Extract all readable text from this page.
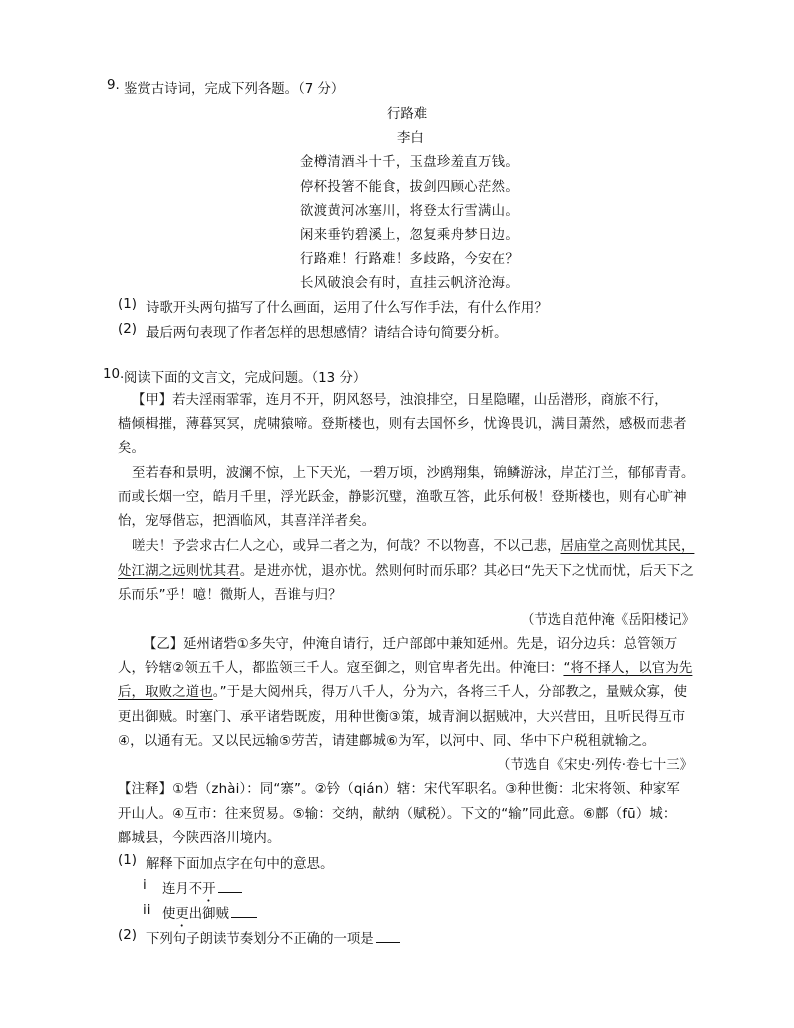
9. 鉴赏古诗词，完成下列各题。（7 分）
行路难
李白
金樽清酒斗十千，玉盘珍羞直万钱。
停杯投箸不能食，拔剑四顾心茫然。
欲渡黄河冰塞川，将登太行雪满山。
闲来垂钓碧溪上，忽复乘舟梦日边。
行路难！行路难！多歧路，今安在？
长风破浪会有时，直挂云帆济沧海。
(1) 诗歌开头两句描写了什么画面，运用了什么写作手法，有什么作用？
(2) 最后两句表现了作者怎样的思想感情？请结合诗句简要分析。
10. 阅读下面的文言文，完成问题。（13 分）
【甲】若夫淫雨霏霏，连月不开，阴风怒号，浊浪排空，日星隐曜，山岳潜形，商旅不行，
樯倾楫摧，薄暮冥冥，虎啸猿啼。登斯楼也，则有去国怀乡，忧谗畏讥，满目萧然，感极而悲者
矣。
至若春和景明，波澜不惊，上下天光，一碧万顷，沙鸥翔集，锦鳞游泳，岸芷汀兰，郁郁青青。
而或长烟一空，皓月千里，浮光跃金，静影沉璧，渔歌互答，此乐何极！登斯楼也，则有心旷神
怡，宠辱偕忘，把酒临风，其喜洋洋者矣。
嗟夫！予尝求古仁人之心，或异二者之为，何哉？不以物喜，不以己悲，居庙堂之高则忧其民，
处江湖之远则忧其君。是进亦忧，退亦忧。然则何时而乐耶？其必曰“先天下之忧而忧，后天下之
乐而乐”乎！噫！微斯人，吾谁与归？
（节选自范仲淹《岳阳楼记》
【乙】延州诸砦①多失守，仲淹自请行，迁户部郎中兼知延州。先是，诏分边兵：总管领万
人，钤辖②领五千人，都监领三千人。寇至御之，则官卑者先出。仲淹曰：“将不择人，以官为先
后，取败之道也。”于是大阅州兵，得万八千人，分为六，各将三千人，分部教之，量贼众寡，使
更出御贼。时塞门、承平诸砦既废，用种世衡③策，城青涧以据贼冲，大兴营田，且听民得互市
④，以通有无。又以民远输⑤劳苦，请建鄜城⑥为军，以河中、同、华中下户税租就输之。
（节选自《宋史·列传·卷七十三》
【注释】①砦（zhài）：同“寨”。②钤（qián）辖：宋代军职名。③种世衡：北宋将领、种家军
开山人。④互市：往来贸易。⑤输：交纳，献纳（赋税）。下文的“输”同此意。⑥鄜（fū）城：
鄜城县，今陕西洛川境内。
(1) 解释下面加点字在句中的意思。
i 连月不开
ii 使更出御贼
(2) 下列句子朗读节奏划分不正确的一项是
